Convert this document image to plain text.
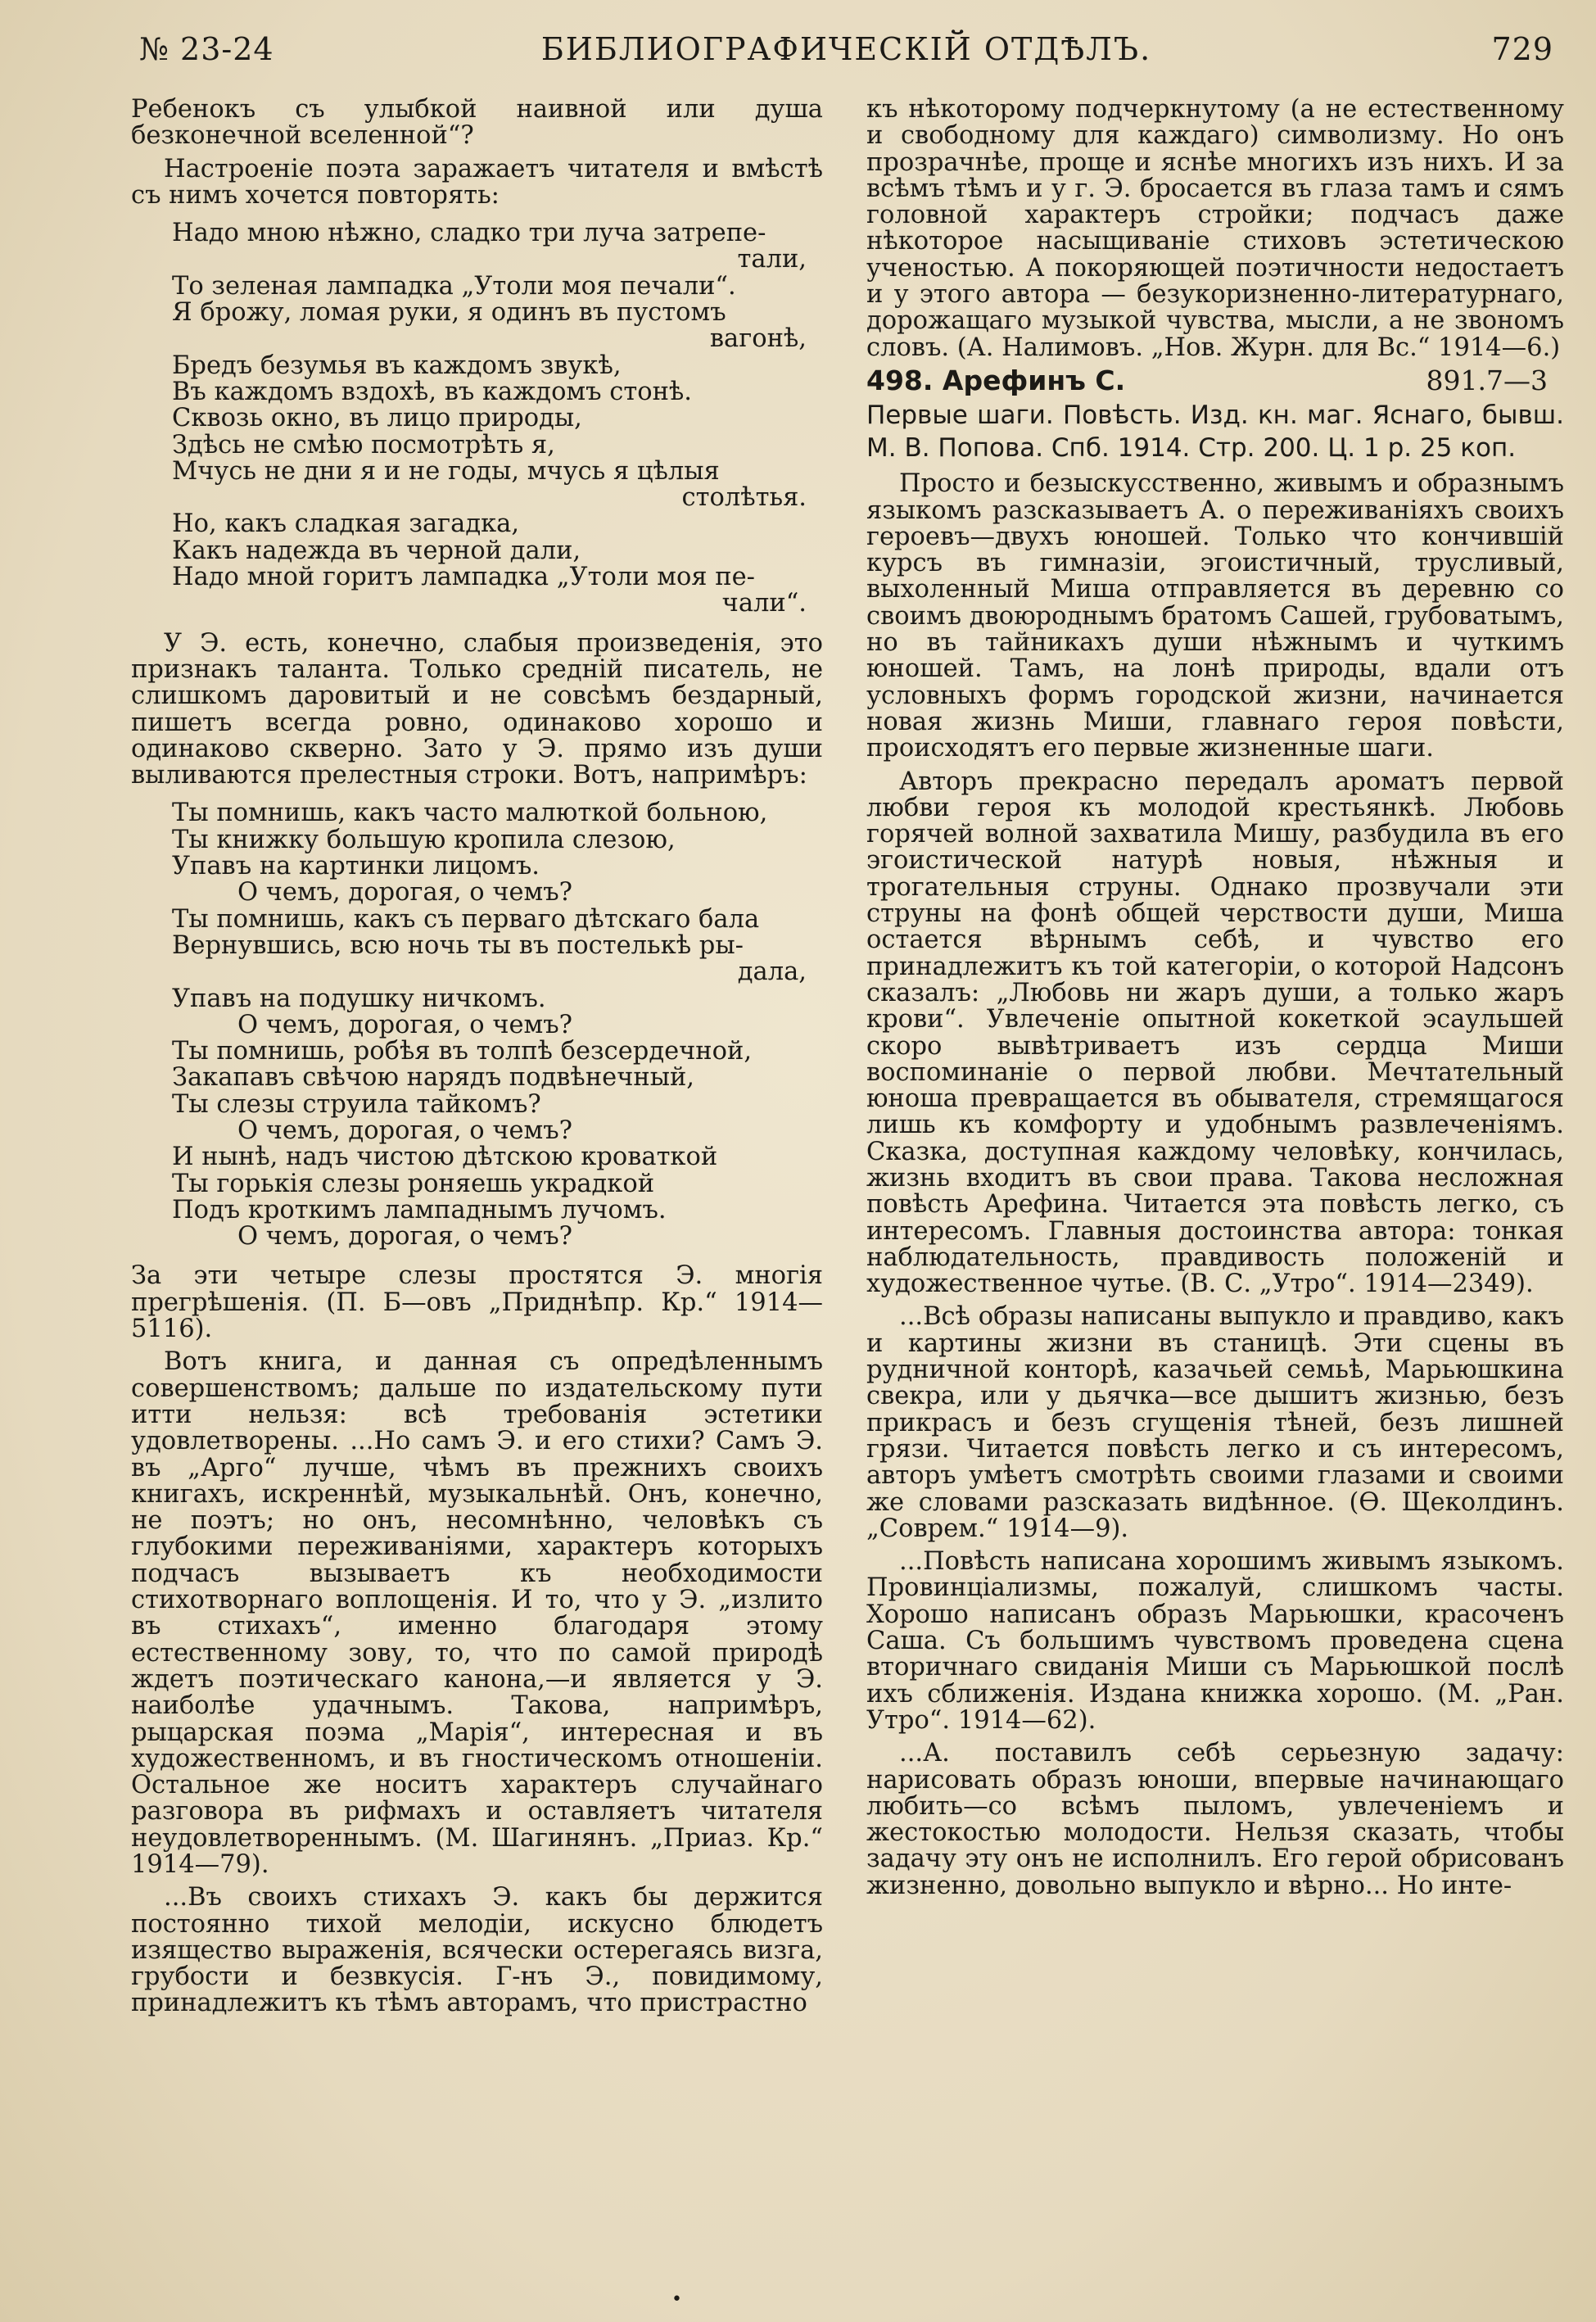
№ 23-24	БИБЛИОГРАФИЧЕСКІЙ ОТДѢЛЪ.	729

Ребенокъ съ улыбкой наивной или душа безконечной вселенной“?

Настроеніе поэта заражаетъ читателя и вмѣстѣ съ нимъ хочется повторять:

Надо мною нѣжно, сладко три луча затрепе-
тали,
То зеленая лампадка „Утоли моя печали“.
Я брожу, ломая руки, я одинъ въ пустомъ
вагонѣ,
Бредъ безумья въ каждомъ звукѣ,
Въ каждомъ вздохѣ, въ каждомъ стонѣ.
Сквозь окно, въ лицо природы,
Здѣсь не смѣю посмотрѣть я,
Мчусь не дни я и не годы, мчусь я цѣлыя
столѣтья.
Но, какъ сладкая загадка,
Какъ надежда въ черной дали,
Надо мной горитъ лампадка „Утоли моя пе-
чали“.

У Э. есть, конечно, слабыя произведенія, это признакъ таланта. Только средній писатель, не слишкомъ даровитый и не совсѣмъ бездарный, пишетъ всегда ровно, одинаково хорошо и одинаково скверно. Зато у Э. прямо изъ души выливаются прелестныя строки. Вотъ, напримѣръ:

Ты помнишь, какъ часто малюткой больною,
Ты книжку большую кропила слезою,
Упавъ на картинки лицомъ.
О чемъ, дорогая, о чемъ?
Ты помнишь, какъ съ перваго дѣтскаго бала
Вернувшись, всю ночь ты въ постелькѣ ры-
дала,
Упавъ на подушку ничкомъ.
О чемъ, дорогая, о чемъ?
Ты помнишь, робѣя въ толпѣ безсердечной,
Закапавъ свѣчою нарядъ подвѣнечный,
Ты слезы струила тайкомъ?
О чемъ, дорогая, о чемъ?
И нынѣ, надъ чистою дѣтскою кроваткой
Ты горькія слезы роняешь украдкой
Подъ кроткимъ лампаднымъ лучомъ.
О чемъ, дорогая, о чемъ?

За эти четыре слезы простятся Э. многія прегрѣшенія. (П. Б—овъ „Приднѣпр. Кр.“ 1914—5116).

Вотъ книга, и данная съ опредѣленнымъ совершенствомъ; дальше по издательскому пути итти нельзя: всѣ требованія эстетики удовлетворены. ...Но самъ Э. и его стихи? Самъ Э. въ „Арго“ лучше, чѣмъ въ прежнихъ своихъ книгахъ, искреннѣй, музыкальнѣй. Онъ, конечно, не поэтъ; но онъ, несомнѣнно, человѣкъ съ глубокими переживаніями, характеръ которыхъ подчасъ вызываетъ къ необходимости стихотворнаго воплощенія. И то, что у Э. „излито въ стихахъ“, именно благодаря этому естественному зову, то, что по самой природѣ ждетъ поэтическаго канона,—и является у Э. наиболѣе удачнымъ. Такова, напримѣръ, рыцарская поэма „Марія“, интересная и въ художественномъ, и въ гностическомъ отношеніи. Остальное же носитъ характеръ случайнаго разговора въ рифмахъ и оставляетъ читателя неудовлетвореннымъ. (М. Шагинянъ. „Приаз. Кр.“ 1914—79).

...Въ своихъ стихахъ Э. какъ бы держится постоянно тихой мелодіи, искусно блюдетъ изящество выраженія, всячески остерегаясь визга, грубости и безвкусія. Г-нъ Э., повидимому, принадлежитъ къ тѣмъ авторамъ, что пристрастно

къ нѣкоторому подчеркнутому (а не естественному и свободному для каждаго) символизму. Но онъ прозрачнѣе, проще и яснѣе многихъ изъ нихъ. И за всѣмъ тѣмъ и у г. Э. бросается въ глаза тамъ и сямъ головной характеръ стройки; подчасъ даже нѣкоторое насыщиваніе стиховъ эстетическою ученостью. А покоряющей поэтичности недостаетъ и у этого автора — безукоризненно-литературнаго, дорожащаго музыкой чувства, мысли, а не звономъ словъ. (А. Налимовъ. „Нов. Журн. для Вс.“ 1914—6.)

498. Арефинъ С.	891.7—3

Первые шаги. Повѣсть. Изд. кн. маг. Яснаго, бывш. М. В. Попова. Спб. 1914. Стр. 200. Ц. 1 р. 25 коп.

Просто и безыскусственно, живымъ и образнымъ языкомъ разсказываетъ А. о переживаніяхъ своихъ героевъ—двухъ юношей. Только что кончившій курсъ въ гимназіи, эгоистичный, трусливый, выхоленный Миша отправляется въ деревню со своимъ двоюроднымъ братомъ Сашей, грубоватымъ, но въ тайникахъ души нѣжнымъ и чуткимъ юношей. Тамъ, на лонѣ природы, вдали отъ условныхъ формъ городской жизни, начинается новая жизнь Миши, главнаго героя повѣсти, происходятъ его первые жизненные шаги.

Авторъ прекрасно передалъ ароматъ первой любви героя къ молодой крестьянкѣ. Любовь горячей волной захватила Мишу, разбудила въ его эгоистической натурѣ новыя, нѣжныя и трогательныя струны. Однако прозвучали эти струны на фонѣ общей черствости души, Миша остается вѣрнымъ себѣ, и чувство его принадлежитъ къ той категоріи, о которой Надсонъ сказалъ: „Любовь ни жаръ души, а только жаръ крови“. Увлеченіе опытной кокеткой эсаульшей скоро вывѣтриваетъ изъ сердца Миши воспоминаніе о первой любви. Мечтательный юноша превращается въ обывателя, стремящагося лишь къ комфорту и удобнымъ развлеченіямъ. Сказка, доступная каждому человѣку, кончилась, жизнь входитъ въ свои права. Такова несложная повѣсть Арефина. Читается эта повѣсть легко, съ интересомъ. Главныя достоинства автора: тонкая наблюдательность, правдивость положеній и художественное чутье. (В. С. „Утро“. 1914—2349).

...Всѣ образы написаны выпукло и правдиво, какъ и картины жизни въ станицѣ. Эти сцены въ рудничной конторѣ, казачьей семьѣ, Марьюшкина свекра, или у дьячка—все дышитъ жизнью, безъ прикрасъ и безъ сгущенія тѣней, безъ лишней грязи. Читается повѣсть легко и съ интересомъ, авторъ умѣетъ смотрѣть своими глазами и своими же словами разсказать видѣнное. (Ѳ. Щеколдинъ. „Соврем.“ 1914—9).

...Повѣсть написана хорошимъ живымъ языкомъ. Провинціализмы, пожалуй, слишкомъ часты. Хорошо написанъ образъ Марьюшки, красоченъ Саша. Съ большимъ чувствомъ проведена сцена вторичнаго свиданія Миши съ Марьюшкой послѣ ихъ сближенія. Издана книжка хорошо. (М. „Ран. Утро“. 1914—62).

...А. поставилъ себѣ серьезную задачу: нарисовать образъ юноши, впервые начинающаго любить—со всѣмъ пыломъ, увлеченіемъ и жестокостью молодости. Нельзя сказать, чтобы задачу эту онъ не исполнилъ. Его герой обрисованъ жизненно, довольно выпукло и вѣрно... Но инте-

•
